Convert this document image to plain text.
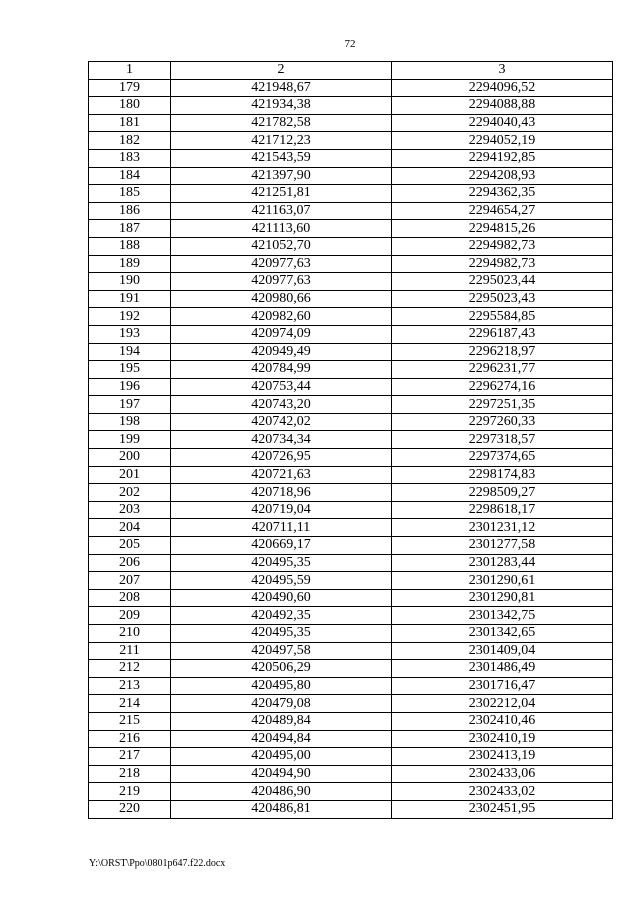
72
1	2	3
179	421948,67	2294096,52
180	421934,38	2294088,88
181	421782,58	2294040,43
182	421712,23	2294052,19
183	421543,59	2294192,85
184	421397,90	2294208,93
185	421251,81	2294362,35
186	421163,07	2294654,27
187	421113,60	2294815,26
188	421052,70	2294982,73
189	420977,63	2294982,73
190	420977,63	2295023,44
191	420980,66	2295023,43
192	420982,60	2295584,85
193	420974,09	2296187,43
194	420949,49	2296218,97
195	420784,99	2296231,77
196	420753,44	2296274,16
197	420743,20	2297251,35
198	420742,02	2297260,33
199	420734,34	2297318,57
200	420726,95	2297374,65
201	420721,63	2298174,83
202	420718,96	2298509,27
203	420719,04	2298618,17
204	420711,11	2301231,12
205	420669,17	2301277,58
206	420495,35	2301283,44
207	420495,59	2301290,61
208	420490,60	2301290,81
209	420492,35	2301342,75
210	420495,35	2301342,65
211	420497,58	2301409,04
212	420506,29	2301486,49
213	420495,80	2301716,47
214	420479,08	2302212,04
215	420489,84	2302410,46
216	420494,84	2302410,19
217	420495,00	2302413,19
218	420494,90	2302433,06
219	420486,90	2302433,02
220	420486,81	2302451,95
Y:\ORST\Ppo\0801p647.f22.docx
